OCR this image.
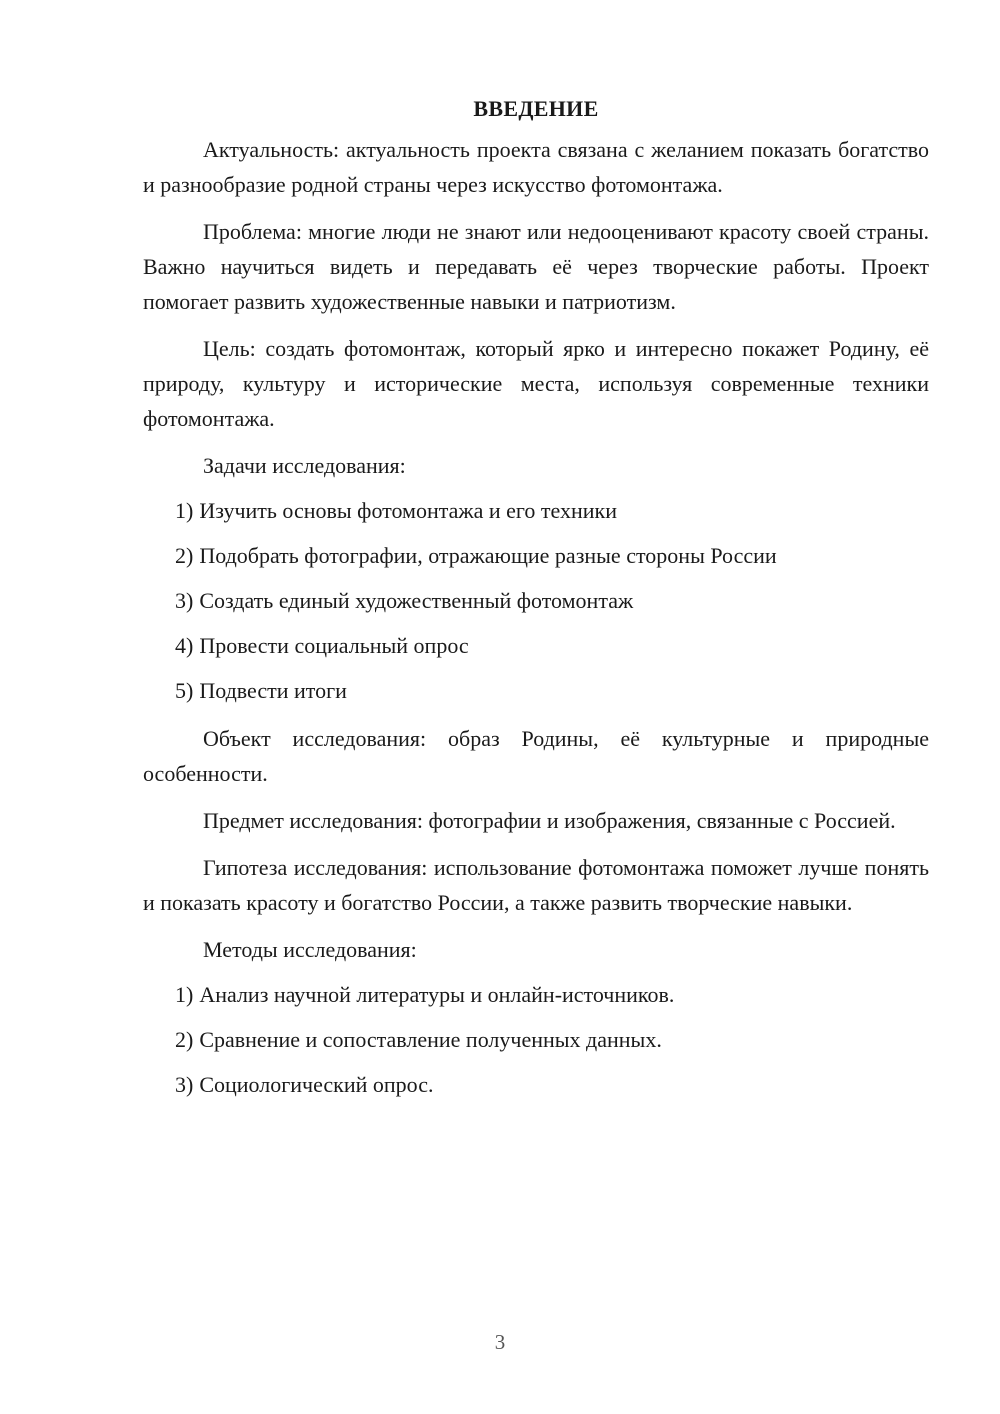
ВВЕДЕНИЕ

Актуальность: актуальность проекта связана с желанием показать богатство и разнообразие родной страны через искусство фотомонтажа.

Проблема: многие люди не знают или недооценивают красоту своей страны. Важно научиться видеть и передавать её через творческие работы. Проект помогает развить художественные навыки и патриотизм.

Цель: создать фотомонтаж, который ярко и интересно покажет Родину, её природу, культуру и исторические места, используя современные техники фотомонтажа.

Задачи исследования:

1) Изучить основы фотомонтажа и его техники
2) Подобрать фотографии, отражающие разные стороны России
3) Создать единый художественный фотомонтаж
4) Провести социальный опрос
5) Подвести итоги

Объект исследования: образ Родины, её культурные и природные особенности.

Предмет исследования: фотографии и изображения, связанные с Россией.

Гипотеза исследования: использование фотомонтажа поможет лучше понять и показать красоту и богатство России, а также развить творческие навыки.

Методы исследования:

1) Анализ научной литературы и онлайн-источников.
2) Сравнение и сопоставление полученных данных.
3) Социологический опрос.
3
